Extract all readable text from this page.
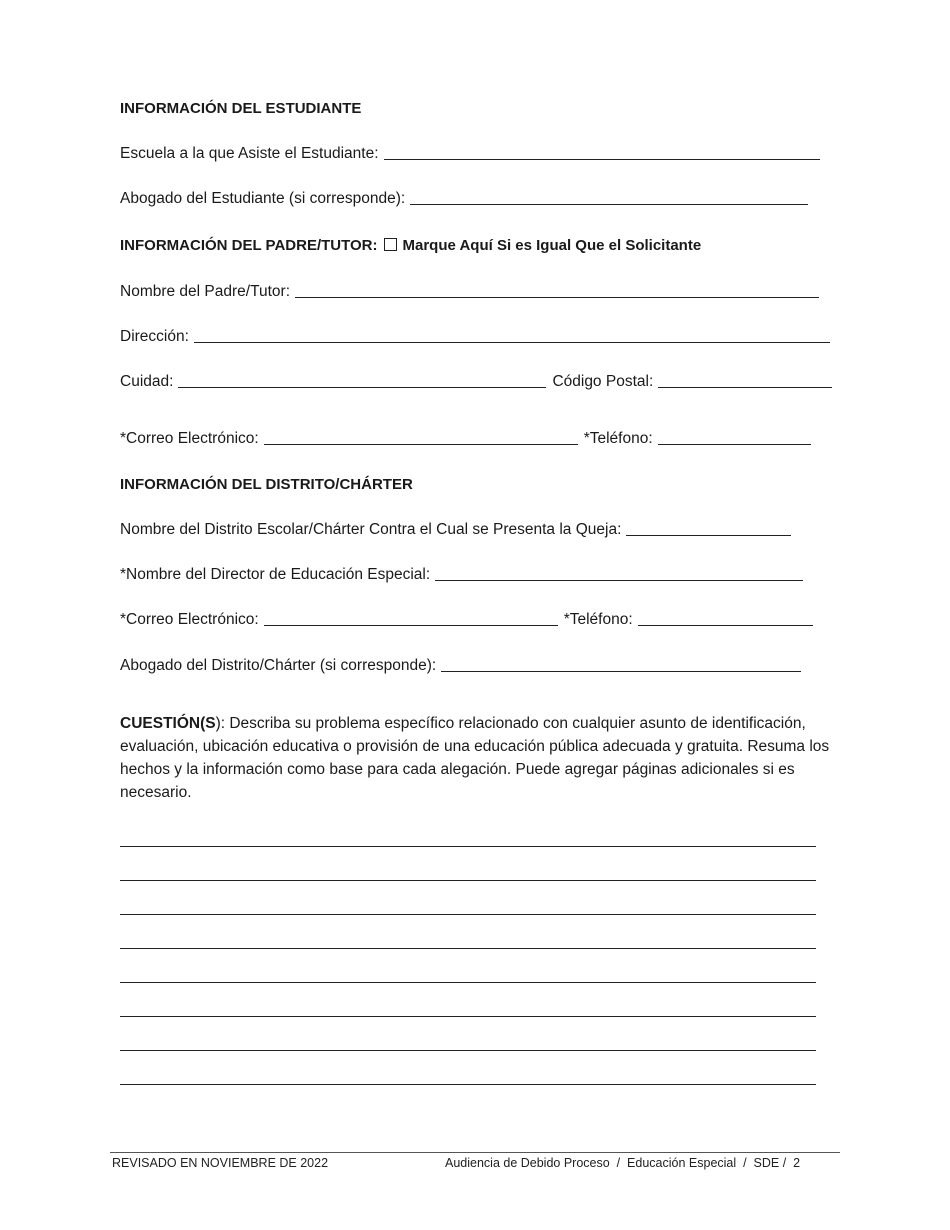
INFORMACIÓN DEL ESTUDIANTE
Escuela a la que Asiste el Estudiante:
Abogado del Estudiante (si corresponde):
INFORMACIÓN DEL PADRE/TUTOR: Marque Aquí Si es Igual Que el Solicitante
Nombre del Padre/Tutor:
Dirección:
Cuidad:	Código Postal:
*Correo Electrónico:	*Teléfono:
INFORMACIÓN DEL DISTRITO/CHÁRTER
Nombre del Distrito Escolar/Chárter Contra el Cual se Presenta la Queja:
*Nombre del Director de Educación Especial:
*Correo Electrónico:	*Teléfono:
Abogado del Distrito/Chárter (si corresponde):
CUESTIÓN(S): Describa su problema específico relacionado con cualquier asunto de identificación, evaluación, ubicación educativa o provisión de una educación pública adecuada y gratuita. Resuma los hechos y la información como base para cada alegación. Puede agregar páginas adicionales si es necesario.
REVISADO EN NOVIEMBRE DE 2022	Audiencia de Debido Proceso  /  Educación Especial  /  SDE /  2
